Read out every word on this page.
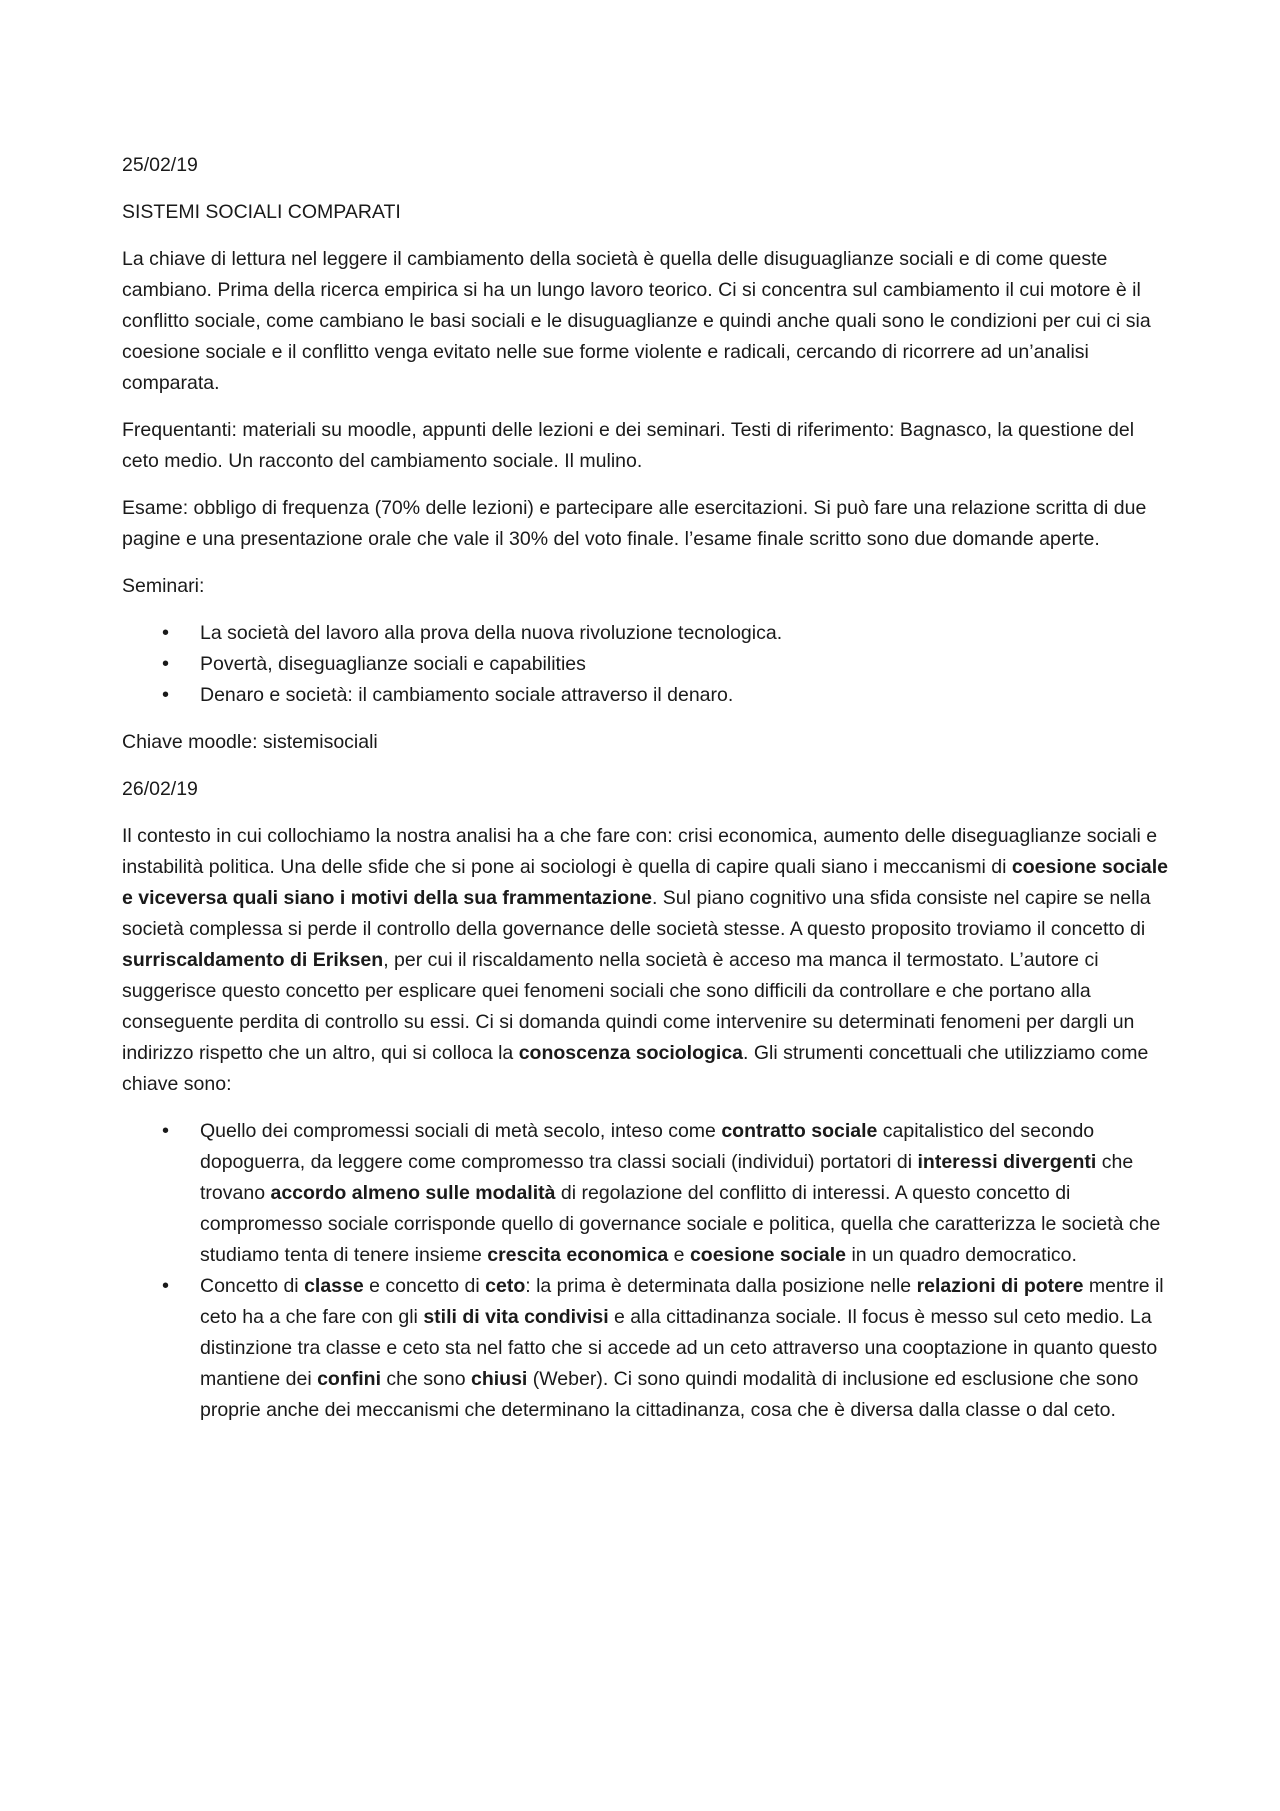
25/02/19

SISTEMI SOCIALI COMPARATI

La chiave di lettura nel leggere il cambiamento della società è quella delle disuguaglianze sociali e di come queste cambiano. Prima della ricerca empirica si ha un lungo lavoro teorico. Ci si concentra sul cambiamento il cui motore è il conflitto sociale, come cambiano le basi sociali e le disuguaglianze e quindi anche quali sono le condizioni per cui ci sia coesione sociale e il conflitto venga evitato nelle sue forme violente e radicali, cercando di ricorrere ad un’analisi comparata.

Frequentanti: materiali su moodle, appunti delle lezioni e dei seminari. Testi di riferimento: Bagnasco, la questione del ceto medio. Un racconto del cambiamento sociale. Il mulino.

Esame: obbligo di frequenza (70% delle lezioni) e partecipare alle esercitazioni. Si può fare una relazione scritta di due pagine e una presentazione orale che vale il 30% del voto finale. l’esame finale scritto sono due domande aperte.

Seminari:

• La società del lavoro alla prova della nuova rivoluzione tecnologica.
• Povertà, diseguaglianze sociali e capabilities
• Denaro e società: il cambiamento sociale attraverso il denaro.

Chiave moodle: sistemisociali

26/02/19

Il contesto in cui collochiamo la nostra analisi ha a che fare con: crisi economica, aumento delle diseguaglianze sociali e instabilità politica. Una delle sfide che si pone ai sociologi è quella di capire quali siano i meccanismi di coesione sociale e viceversa quali siano i motivi della sua frammentazione. Sul piano cognitivo una sfida consiste nel capire se nella società complessa si perde il controllo della governance delle società stesse. A questo proposito troviamo il concetto di surriscaldamento di Eriksen, per cui il riscaldamento nella società è acceso ma manca il termostato. L’autore ci suggerisce questo concetto per esplicare quei fenomeni sociali che sono difficili da controllare e che portano alla conseguente perdita di controllo su essi. Ci si domanda quindi come intervenire su determinati fenomeni per dargli un indirizzo rispetto che un altro, qui si colloca la conoscenza sociologica. Gli strumenti concettuali che utilizziamo come chiave sono:

• Quello dei compromessi sociali di metà secolo, inteso come contratto sociale capitalistico del secondo dopoguerra, da leggere come compromesso tra classi sociali (individui) portatori di interessi divergenti che trovano accordo almeno sulle modalità di regolazione del conflitto di interessi. A questo concetto di compromesso sociale corrisponde quello di governance sociale e politica, quella che caratterizza le società che studiamo tenta di tenere insieme crescita economica e coesione sociale in un quadro democratico.
• Concetto di classe e concetto di ceto: la prima è determinata dalla posizione nelle relazioni di potere mentre il ceto ha a che fare con gli stili di vita condivisi e alla cittadinanza sociale. Il focus è messo sul ceto medio. La distinzione tra classe e ceto sta nel fatto che si accede ad un ceto attraverso una cooptazione in quanto questo mantiene dei confini che sono chiusi (Weber). Ci sono quindi modalità di inclusione ed esclusione che sono proprie anche dei meccanismi che determinano la cittadinanza, cosa che è diversa dalla classe o dal ceto.
